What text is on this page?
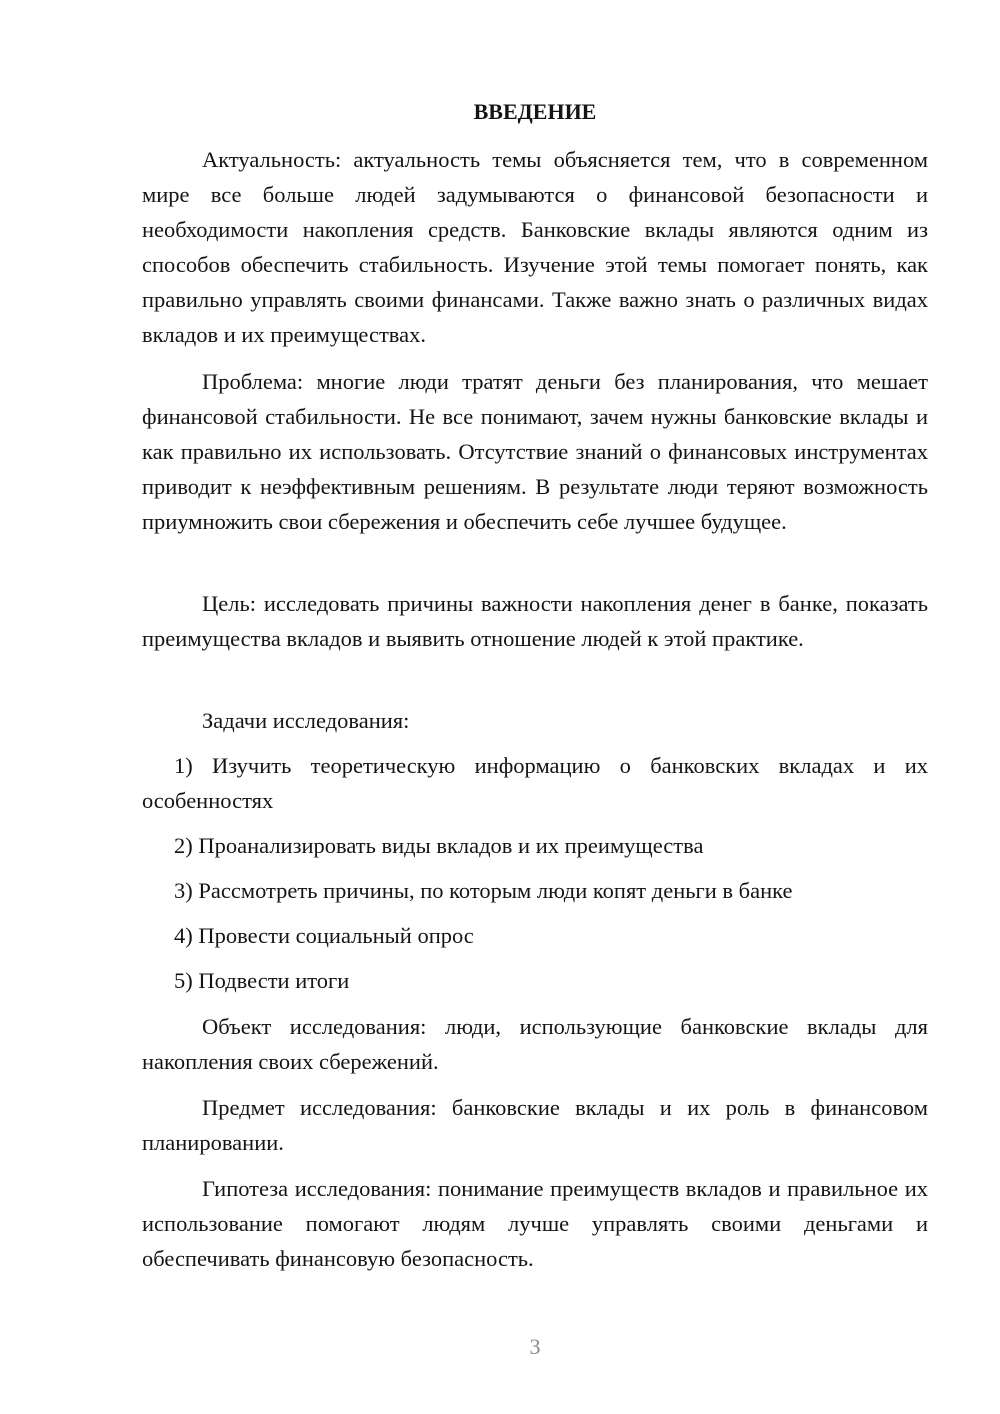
ВВЕДЕНИЕ

Актуальность: актуальность темы объясняется тем, что в современном мире все больше людей задумываются о финансовой безопасности и необходимости накопления средств. Банковские вклады являются одним из способов обеспечить стабильность. Изучение этой темы помогает понять, как правильно управлять своими финансами. Также важно знать о различных видах вкладов и их преимуществах.

Проблема: многие люди тратят деньги без планирования, что мешает финансовой стабильности. Не все понимают, зачем нужны банковские вклады и как правильно их использовать. Отсутствие знаний о финансовых инструментах приводит к неэффективным решениям. В результате люди теряют возможность приумножить свои сбережения и обеспечить себе лучшее будущее.

Цель: исследовать причины важности накопления денег в банке, показать преимущества вкладов и выявить отношение людей к этой практике.

Задачи исследования:

1) Изучить теоретическую информацию о банковских вкладах и их особенностях

2) Проанализировать виды вкладов и их преимущества

3) Рассмотреть причины, по которым люди копят деньги в банке

4) Провести социальный опрос

5) Подвести итоги

Объект исследования: люди, использующие банковские вклады для накопления своих сбережений.

Предмет исследования: банковские вклады и их роль в финансовом планировании.

Гипотеза исследования: понимание преимуществ вкладов и правильное их использование помогают людям лучше управлять своими деньгами и обеспечивать финансовую безопасность.

3
